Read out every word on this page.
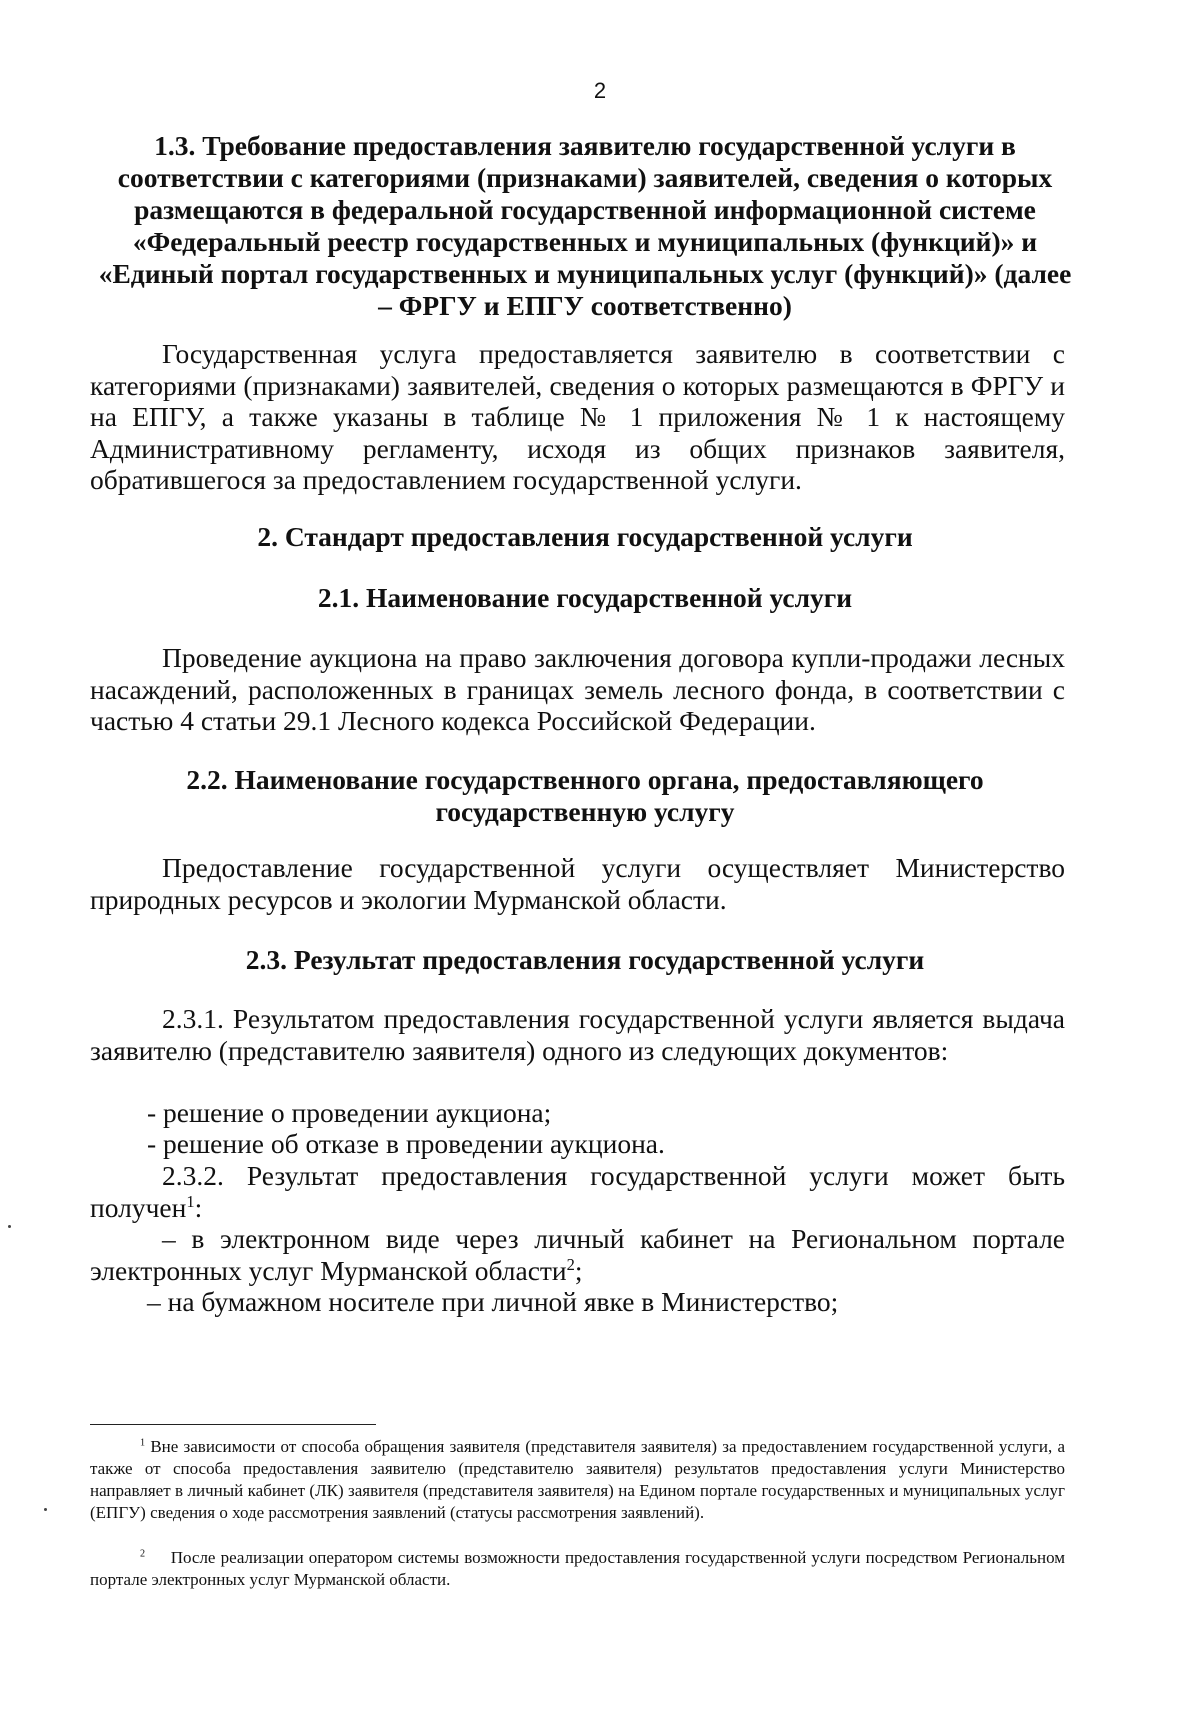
2

1.3. Требование предоставления заявителю государственной услуги в соответствии с категориями (признаками) заявителей, сведения о которых размещаются в федеральной государственной информационной системе «Федеральный реестр государственных и муниципальных (функций)» и «Единый портал государственных и муниципальных услуг (функций)» (далее – ФРГУ и ЕПГУ соответственно)

Государственная услуга предоставляется заявителю в соответствии с категориями (признаками) заявителей, сведения о которых размещаются в ФРГУ и на ЕПГУ, а также указаны в таблице № 1 приложения № 1 к настоящему Административному регламенту, исходя из общих признаков заявителя, обратившегося за предоставлением государственной услуги.

2. Стандарт предоставления государственной услуги

2.1. Наименование государственной услуги

Проведение аукциона на право заключения договора купли-продажи лесных насаждений, расположенных в границах земель лесного фонда, в соответствии с частью 4 статьи 29.1 Лесного кодекса Российской Федерации.

2.2. Наименование государственного органа, предоставляющего
государственную услугу

Предоставление государственной услуги осуществляет Министерство природных ресурсов и экологии Мурманской области.

2.3. Результат предоставления государственной услуги

2.3.1. Результатом предоставления государственной услуги является выдача заявителю (представителю заявителя) одного из следующих документов:

- решение о проведении аукциона;

- решение об отказе в проведении аукциона.

2.3.2. Результат предоставления государственной услуги может быть получен$^1$:

– в электронном виде через личный кабинет на Региональном портале электронных услуг Мурманской области$^2$;

– на бумажном носителе при личной явке в Министерство;

$^1$ Вне зависимости от способа обращения заявителя (представителя заявителя) за предоставлением государственной услуги, а также от способа предоставления заявителю (представителю заявителя) результатов предоставления услуги Министерство направляет в личный кабинет (ЛК) заявителя (представителя заявителя) на Едином портале государственных и муниципальных услуг (ЕПГУ) сведения о ходе рассмотрения заявлений (статусы рассмотрения заявлений).

$^2$ После реализации оператором системы возможности предоставления государственной услуги посредством Региональном портале электронных услуг Мурманской области.
